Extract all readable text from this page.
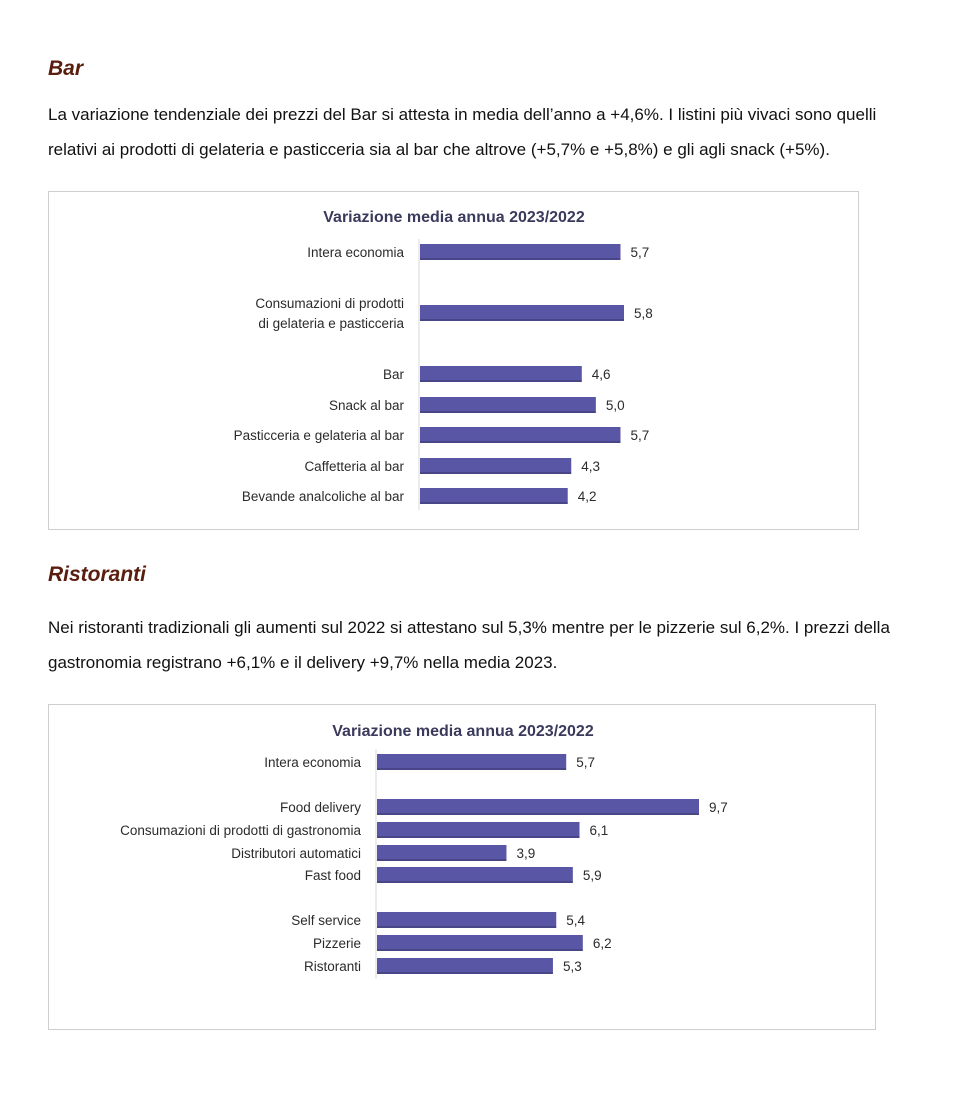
Bar

La variazione tendenziale dei prezzi del Bar si attesta in media dell’anno a +4,6%. I listini più vivaci sono quelli relativi ai prodotti di gelateria e pasticceria sia al bar che altrove (+5,7% e +5,8%) e gli agli snack (+5%).

Variazione media annua 2023/2022
5,7
Intera economia
5,8
Consumazioni di prodotti
di gelateria e pasticceria
4,6
Bar
5,0
Snack al bar
5,7
Pasticceria e gelateria al bar
4,3
Caffetteria al bar
4,2
Bevande analcoliche al bar
Ristoranti

Nei ristoranti tradizionali gli aumenti sul 2022 si attestano sul 5,3% mentre per le pizzerie sul 6,2%. I prezzi della gastronomia registrano +6,1% e il delivery +9,7% nella media 2023.

Variazione media annua 2023/2022
5,7
Intera economia
9,7
Food delivery
6,1
Consumazioni di prodotti di gastronomia
3,9
Distributori automatici
5,9
Fast food
5,4
Self service
6,2
Pizzerie
5,3
Ristoranti
